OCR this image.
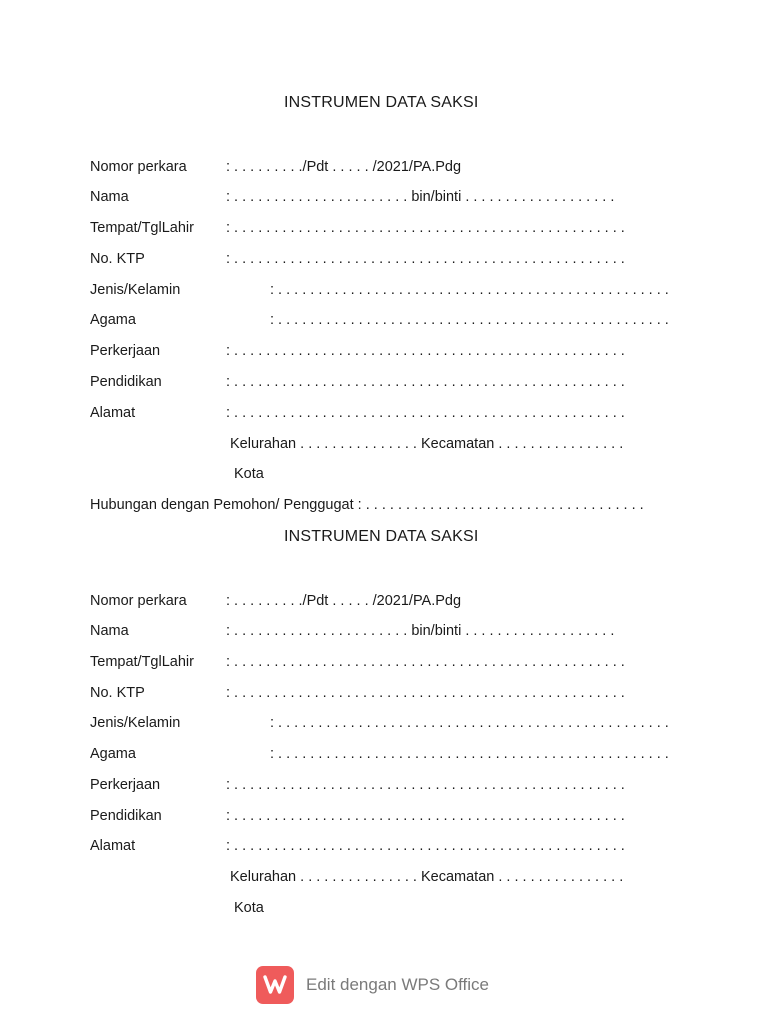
INSTRUMEN DATA SAKSI
Nomor perkara	: . . . . . . . . ./Pdt . . . . . /2021/PA.Pdg
Nama	: . . . . . . . . . . . . . . . . . . . . . . bin/binti . . . . . . . . . . . . . . . . . . .
Tempat/TglLahir : . . . . . . . . . . . . . . . . . . . . . . . . . . . . . . . . . . . . . . . . . . . . . . . . .
No. KTP	: . . . . . . . . . . . . . . . . . . . . . . . . . . . . . . . . . . . . . . . . . . . . . . . . .
Jenis/Kelamin	: . . . . . . . . . . . . . . . . . . . . . . . . . . . . . . . . . . . . . . . . . . . . . . . . .
Agama	: . . . . . . . . . . . . . . . . . . . . . . . . . . . . . . . . . . . . . . . . . . . . . . . . .
Perkerjaan	: . . . . . . . . . . . . . . . . . . . . . . . . . . . . . . . . . . . . . . . . . . . . . . . . .
Pendidikan	: . . . . . . . . . . . . . . . . . . . . . . . . . . . . . . . . . . . . . . . . . . . . . . . . .
Alamat	: . . . . . . . . . . . . . . . . . . . . . . . . . . . . . . . . . . . . . . . . . . . . . . . . .
Kelurahan . . . . . . . . . . . . . . . Kecamatan . . . . . . . . . . . . . . . .
Kota
Hubungan dengan Pemohon/ Penggugat : . . . . . . . . . . . . . . . . . . . . . . . . . . . . . . . . . . .
INSTRUMEN DATA SAKSI
Nomor perkara	: . . . . . . . . ./Pdt . . . . . /2021/PA.Pdg
Nama	: . . . . . . . . . . . . . . . . . . . . . . bin/binti . . . . . . . . . . . . . . . . . . .
Tempat/TglLahir : . . . . . . . . . . . . . . . . . . . . . . . . . . . . . . . . . . . . . . . . . . . . . . . . .
No. KTP	: . . . . . . . . . . . . . . . . . . . . . . . . . . . . . . . . . . . . . . . . . . . . . . . . .
Jenis/Kelamin	: . . . . . . . . . . . . . . . . . . . . . . . . . . . . . . . . . . . . . . . . . . . . . . . . .
Agama	: . . . . . . . . . . . . . . . . . . . . . . . . . . . . . . . . . . . . . . . . . . . . . . . . .
Perkerjaan	: . . . . . . . . . . . . . . . . . . . . . . . . . . . . . . . . . . . . . . . . . . . . . . . . .
Pendidikan	: . . . . . . . . . . . . . . . . . . . . . . . . . . . . . . . . . . . . . . . . . . . . . . . . .
Alamat	: . . . . . . . . . . . . . . . . . . . . . . . . . . . . . . . . . . . . . . . . . . . . . . . . .
Kelurahan . . . . . . . . . . . . . . . Kecamatan . . . . . . . . . . . . . . . .
Kota
Edit dengan WPS Office
